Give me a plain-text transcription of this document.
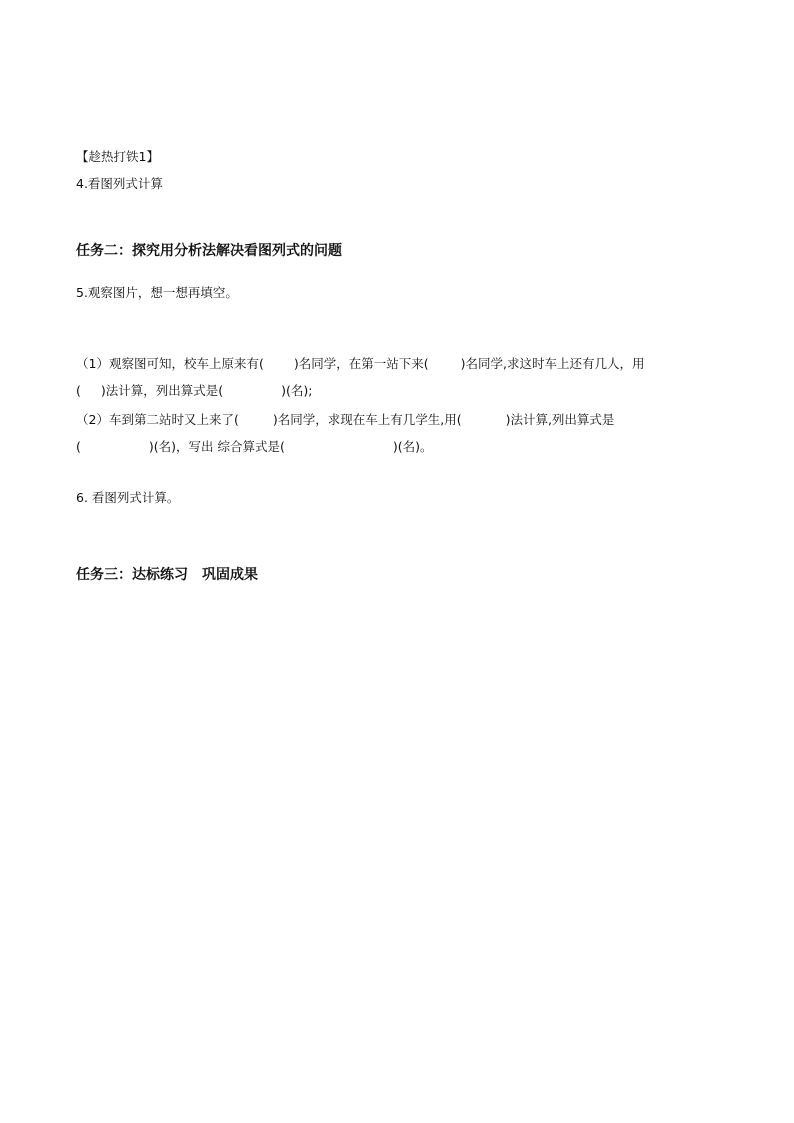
【趁热打铁1】
4.看图列式计算
任务二：探究用分析法解决看图列式的问题
5.观察图片，想一想再填空。
（1）观察图可知，校车上原来有( )名同学，在第一站下来(	)名同学,求这时车上还有几人，用
( )法计算，列出算式是(	)(名);
（2）车到第二站时又上来了(	)名同学，求现在车上有几学生,用(	)法计算,列出算式是
(	)(名)，写出 综合算式是(	)(名)。
6. 看图列式计算。
任务三：达标练习　巩固成果
